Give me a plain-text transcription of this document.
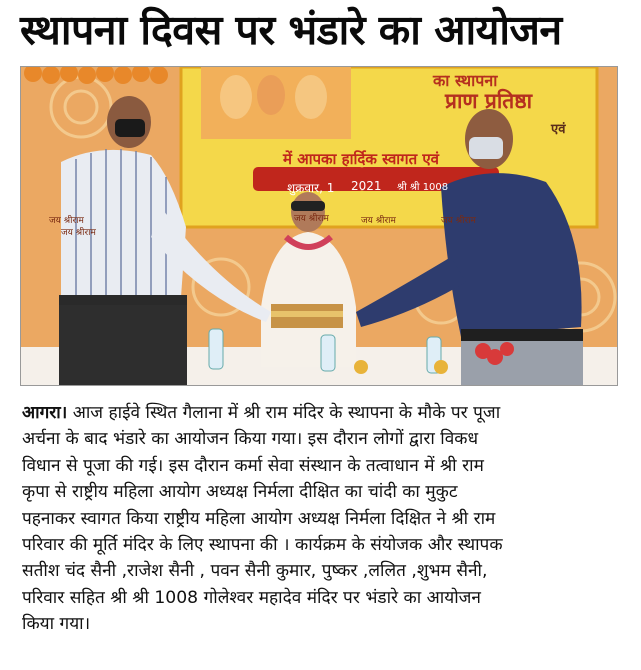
स्थापना दिवस पर भंडारे का आयोजन
का स्थापना
प्राण प्रतिष्ठा
एवं
में आपका हार्दिक स्वागत एवं
शुक्रवार, 1	श्री श्री 1008
जय श्रीराम	जय श्रीराम	जय श्रीराम
जय श्रीराम
जय श्रीराम
2021
आगरा। आज हाईवे स्थित गैलाना में श्री राम मंदिर के स्थापना के मौके पर पूजा
अर्चना के बाद भंडारे का आयोजन किया गया। इस दौरान लोगों द्वारा विकध
विधान से पूजा की गई। इस दौरान कर्मा सेवा संस्थान के तत्वाधान में श्री राम
कृपा से राष्ट्रीय महिला आयोग अध्यक्ष निर्मला दीक्षित का चांदी का मुकुट
पहनाकर स्वागत किया राष्ट्रीय महिला आयोग अध्यक्ष निर्मला दिक्षित ने श्री राम
परिवार की मूर्ति मंदिर के लिए स्थापना की । कार्यक्रम के संयोजक और स्थापक
सतीश चंद सैनी ,राजेश सैनी , पवन सैनी कुमार, पुष्कर ,ललित ,शुभम सैनी,
परिवार सहित श्री श्री 1008 गोलेश्वर महादेव मंदिर पर भंडारे का आयोजन
किया गया।
